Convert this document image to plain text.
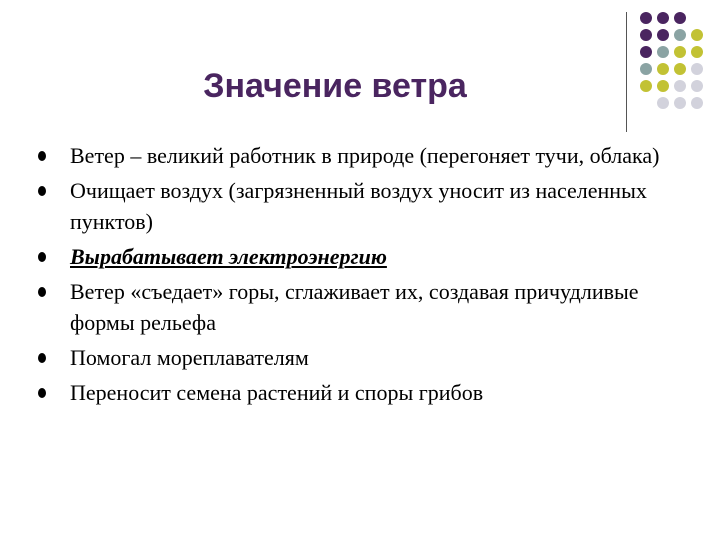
Значение ветра
Ветер – великий работник в природе (перегоняет тучи, облака)
Очищает воздух (загрязненный воздух уносит из населенных пунктов)
Вырабатывает электроэнергию
Ветер «съедает» горы, сглаживает их, создавая причудливые формы рельефа
Помогал мореплавателям
Переносит семена растений и споры грибов
